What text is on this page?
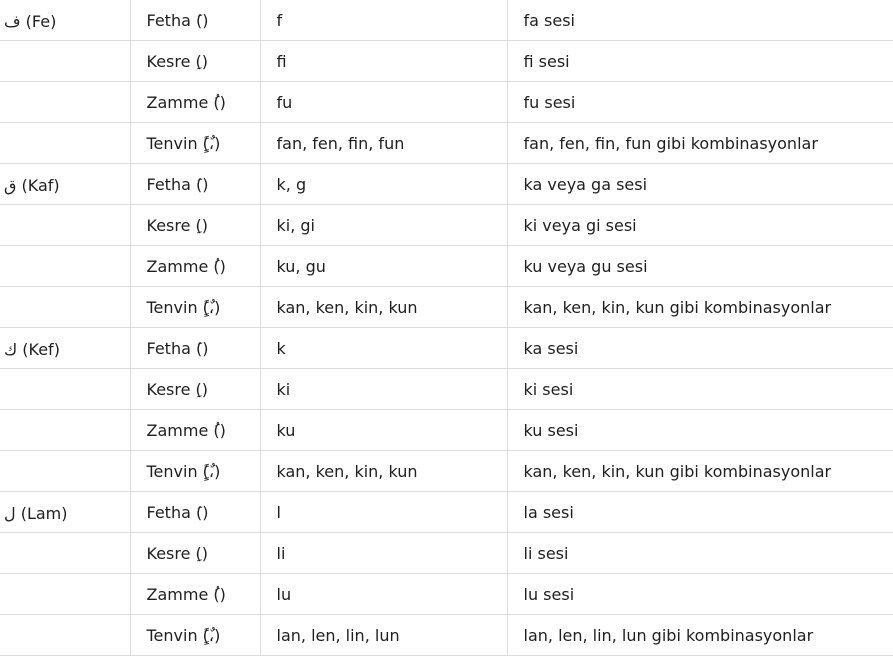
ف (Fe)	Fetha (َ)	f	fa sesi
	Kesre (ِ)	fi	fi sesi
	Zamme (ُ)	fu	fu sesi
	Tenvin (ًٍ،ٌ)	fan, fen, fin, fun	fan, fen, fin, fun gibi kombinasyonlar
ق (Kaf)	Fetha (َ)	k, g	ka veya ga sesi
	Kesre (ِ)	ki, gi	ki veya gi sesi
	Zamme (ُ)	ku, gu	ku veya gu sesi
	Tenvin (ًٍ،ٌ)	kan, ken, kin, kun	kan, ken, kin, kun gibi kombinasyonlar
ك (Kef)	Fetha (َ)	k	ka sesi
	Kesre (ِ)	ki	ki sesi
	Zamme (ُ)	ku	ku sesi
	Tenvin (ًٍ،ٌ)	kan, ken, kin, kun	kan, ken, kin, kun gibi kombinasyonlar
ل (Lam)	Fetha (َ)	l	la sesi
	Kesre (ِ)	li	li sesi
	Zamme (ُ)	lu	lu sesi
	Tenvin (ًٍ،ٌ)	lan, len, lin, lun	lan, len, lin, lun gibi kombinasyonlar
